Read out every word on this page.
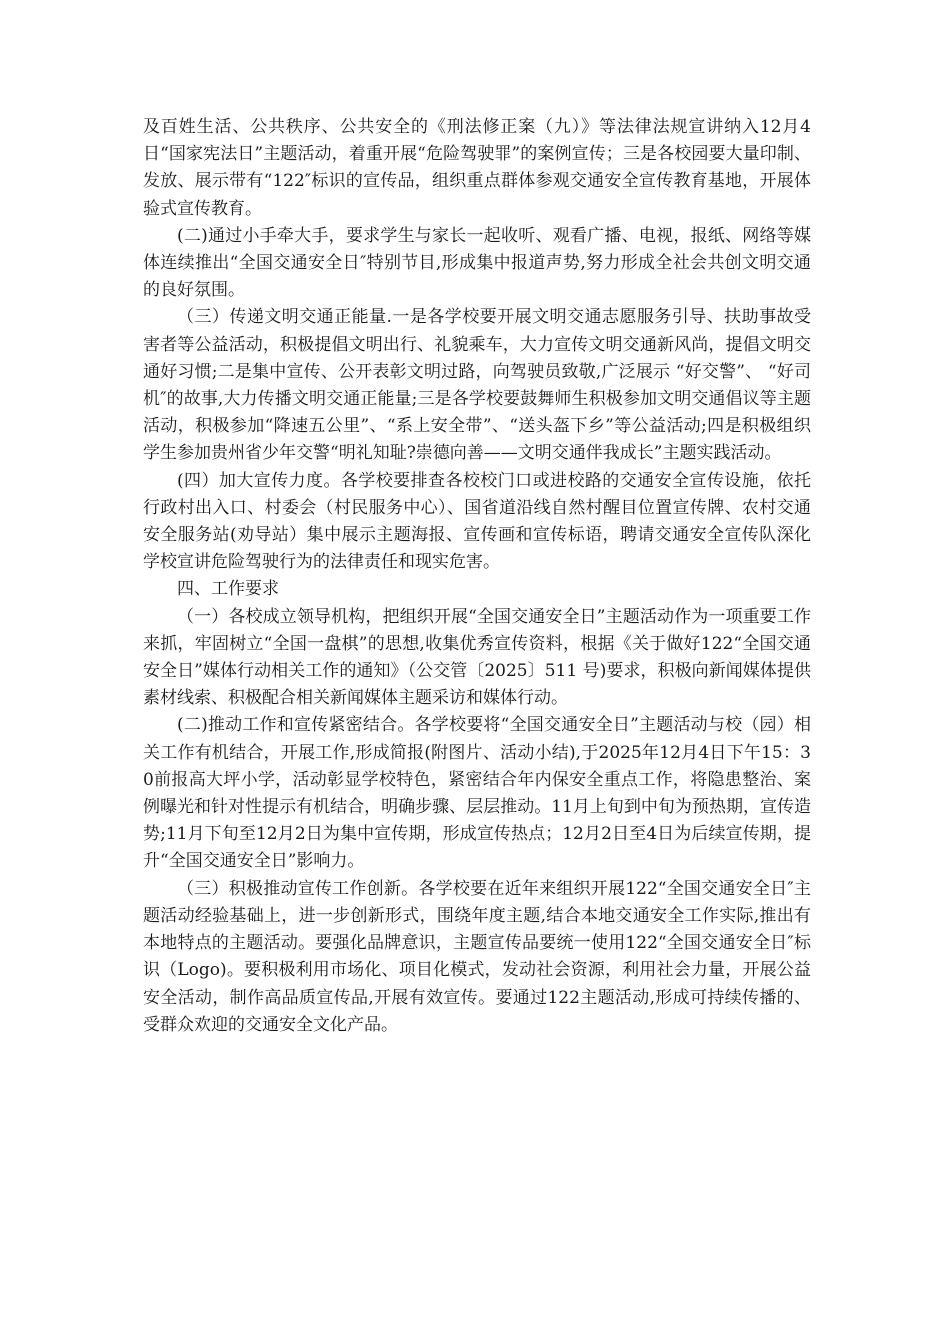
及百姓生活、公共秩序、公共安全的《刑法修正案（九）》等法律法规宣讲纳入12月4日“国家宪法日”主题活动，着重开展“危险驾驶罪”的案例宣传；三是各校园要大量印制、发放、展示带有“122″标识的宣传品，组织重点群体参观交通安全宣传教育基地，开展体验式宣传教育。

(二)通过小手牵大手，要求学生与家长一起收听、观看广播、电视，报纸、网络等媒体连续推出“全国交通安全日″特别节目,形成集中报道声势,努力形成全社会共创文明交通的良好氛围。

（三）传递文明交通正能量.一是各学校要开展文明交通志愿服务引导、扶助事故受害者等公益活动，积极提倡文明出行、礼貌乘车，大力宣传文明交通新风尚，提倡文明交通好习惯;二是集中宣传、公开表彰文明过路，向驾驶员致敬,广泛展示 “好交警”、 “好司机″的故事,大力传播文明交通正能量;三是各学校要鼓舞师生积极参加文明交通倡议等主题活动，积极参加“降速五公里”、“系上安全带”、“送头盔下乡”等公益活动;四是积极组织学生参加贵州省少年交警“明礼知耻?崇德向善——文明交通伴我成长”主题实践活动。

(四）加大宣传力度。各学校要排查各校校门口或进校路的交通安全宣传设施，依托行政村出入口、村委会（村民服务中心）、国省道沿线自然村醒目位置宣传牌、农村交通安全服务站(劝导站）集中展示主题海报、宣传画和宣传标语，聘请交通安全宣传队深化学校宣讲危险驾驶行为的法律责任和现实危害。

四、工作要求

（一）各校成立领导机构，把组织开展“全国交通安全日”主题活动作为一项重要工作来抓，牢固树立“全国一盘棋”的思想,收集优秀宣传资料，根据《关于做好122“全国交通安全日”媒体行动相关工作的通知》（公交管〔2025〕511 号)要求，积极向新闻媒体提供素材线索、积极配合相关新闻媒体主题采访和媒体行动。

(二)推动工作和宣传紧密结合。各学校要将“全国交通安全日”主题活动与校（园）相关工作有机结合，开展工作,形成简报(附图片、活动小结),于2025年12月4日下午15：30前报高大坪小学，活动彰显学校特色，紧密结合年内保安全重点工作，将隐患整治、案例曝光和针对性提示有机结合，明确步骤、层层推动。11月上旬到中旬为预热期，宣传造势;11月下旬至12月2日为集中宣传期，形成宣传热点；12月2日至4日为后续宣传期，提升“全国交通安全日”影响力。

（三）积极推动宣传工作创新。各学校要在近年来组织开展122“全国交通安全日″主题活动经验基础上，进一步创新形式，围绕年度主题,结合本地交通安全工作实际,推出有本地特点的主题活动。要强化品牌意识，主题宣传品要统一使用122“全国交通安全日″标识（Logo)。要积极利用市场化、项目化模式，发动社会资源，利用社会力量，开展公益安全活动，制作高品质宣传品,开展有效宣传。要通过122主题活动,形成可持续传播的、受群众欢迎的交通安全文化产品。
